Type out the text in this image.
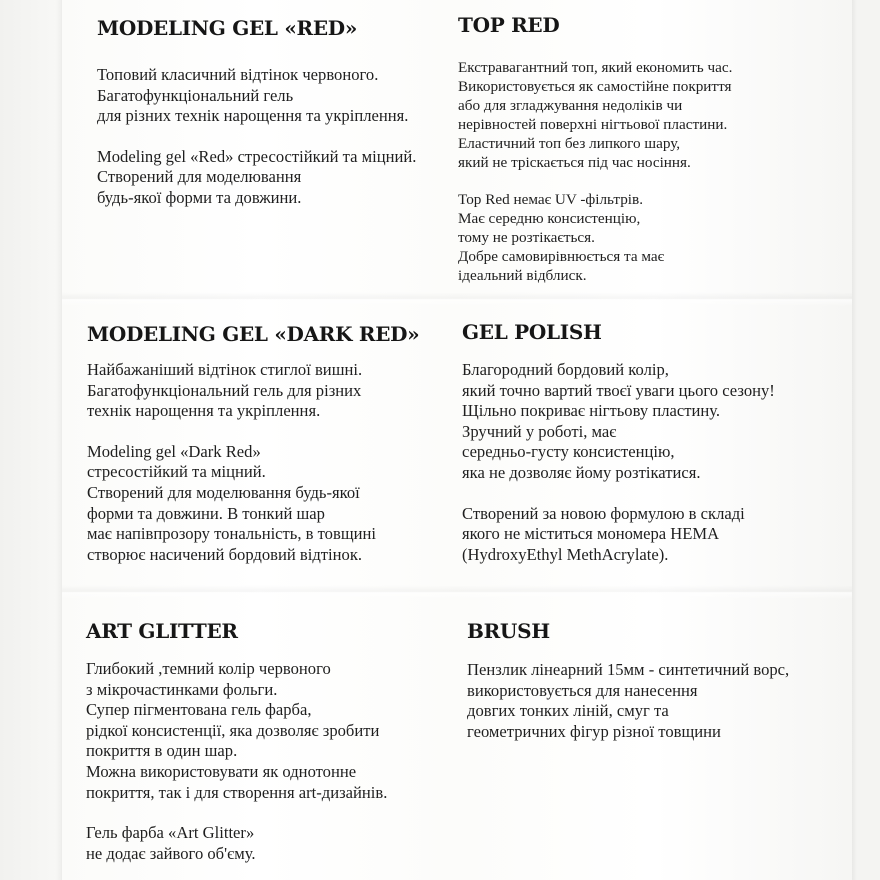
MODELING GEL «RED»

Топовий класичний відтінок червоного.
Багатофункціональний гель
для різних технік нарощення та укріплення.

Modeling gel «Red» стресостійкий та міцний.
Створений для моделювання
будь-якої форми та довжини.

TOP RED

Екстравагантний топ, який економить час.
Використовується як самостійне покриття
або для згладжування недоліків чи
нерівностей поверхні нігтьової пластини.
Еластичний топ без липкого шару,
який не тріскається під час носіння.

Top Red немає UV -фільтрів.
Має середню консистенцію,
тому не розтікається.
Добре самовирівнюється та має
ідеальний відблиск.

MODELING GEL «DARK RED»

Найбажаніший відтінок стиглої вишні.
Багатофункціональний гель для різних
технік нарощення та укріплення.

Modeling gel «Dark Red»
стресостійкий та міцний.
Створений для моделювання будь-якої
форми та довжини. В тонкий шар
має напівпрозору тональність, в товщині
створює насичений бордовий відтінок.

GEL POLISH

Благородний бордовий колір,
який точно вартий твоєї уваги цього сезону!
Щільно покриває нігтьову пластину.
Зручний у роботі, має
середньо-густу консистенцію,
яка не дозволяє йому розтікатися.

Створений за новою формулою в складі
якого не міститься мономера HEMA
(HydroxyEthyl MethAcrylate).

ART GLITTER

Глибокий ,темний колір червоного
з мікрочастинками фольги.
Супер пігментована гель фарба,
рідкої консистенції, яка дозволяє зробити
покриття в один шар.
Можна використовувати як однотонне
покриття, так і для створення art-дизайнів.

Гель фарба «Art Glitter»
не додає зайвого об'єму.

BRUSH

Пензлик лінеарний 15мм - синтетичний ворс,
використовується для нанесення
довгих тонких ліній, смуг та
геометричних фігур різної товщини
